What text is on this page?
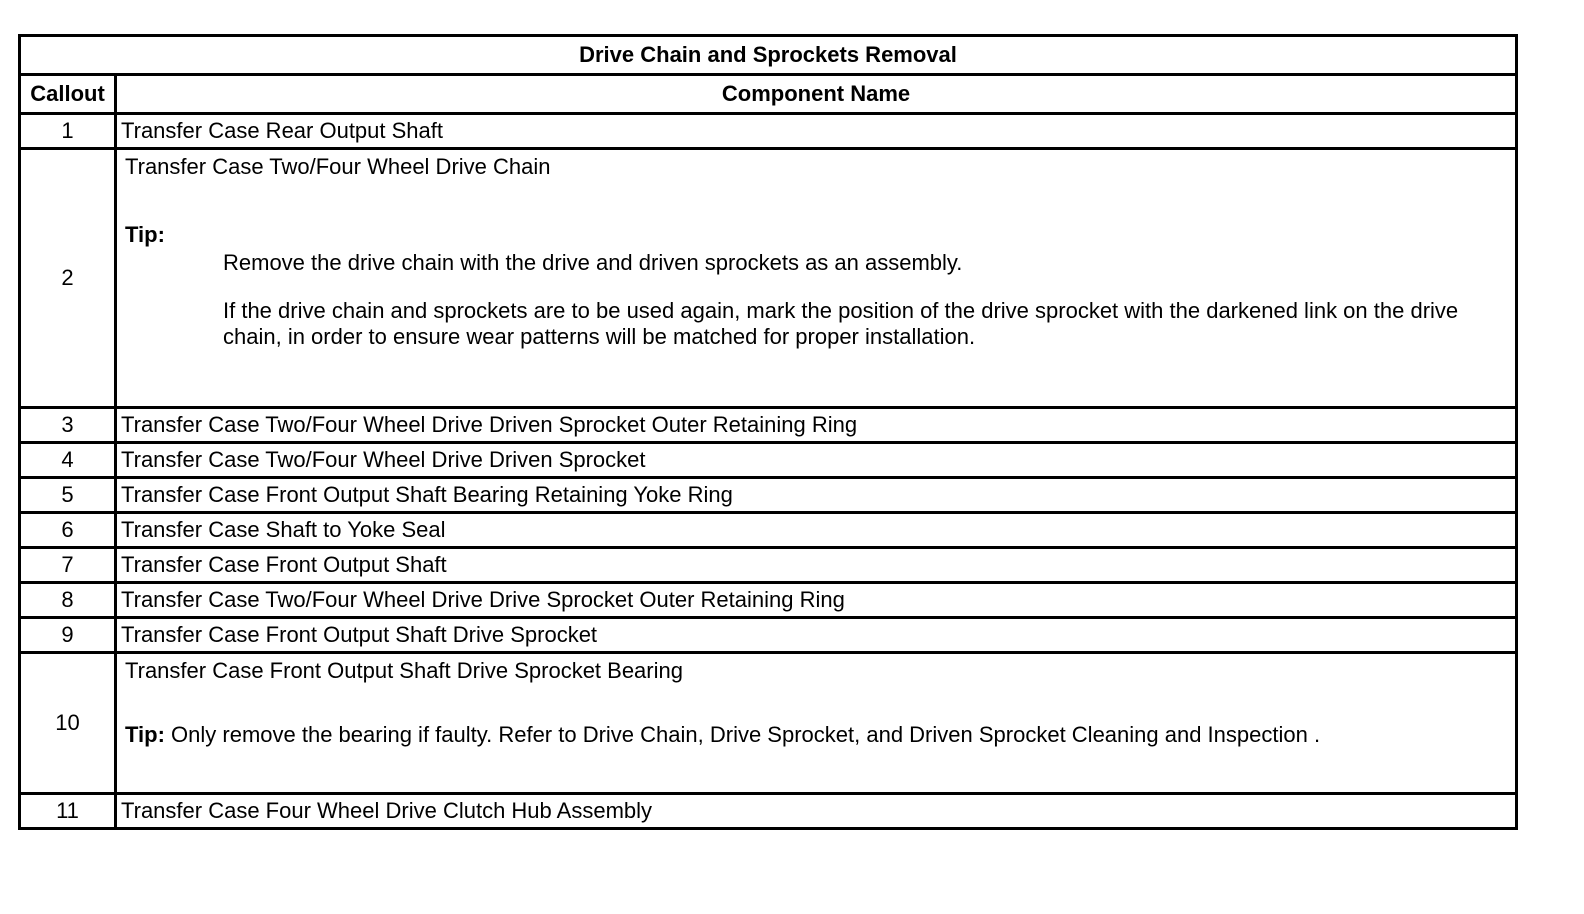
Drive Chain and Sprockets Removal	
Callout	Component Name
1	Transfer Case Rear Output Shaft
2	Transfer Case Two/Four Wheel Drive Chain

Tip:

Remove the drive chain with the drive and driven sprockets as an assembly.

If the drive chain and sprockets are to be used again, mark the position of the drive sprocket with the darkened link on the drive chain, in order to ensure wear patterns will be matched for proper installation.

3	Transfer Case Two/Four Wheel Drive Driven Sprocket Outer Retaining Ring
4	Transfer Case Two/Four Wheel Drive Driven Sprocket
5	Transfer Case Front Output Shaft Bearing Retaining Yoke Ring
6	Transfer Case Shaft to Yoke Seal
7	Transfer Case Front Output Shaft
8	Transfer Case Two/Four Wheel Drive Drive Sprocket Outer Retaining Ring
9	Transfer Case Front Output Shaft Drive Sprocket
10	Transfer Case Front Output Shaft Drive Sprocket Bearing

Tip: Only remove the bearing if faulty. Refer to Drive Chain, Drive Sprocket, and Driven Sprocket Cleaning and Inspection .

11	Transfer Case Four Wheel Drive Clutch Hub Assembly
